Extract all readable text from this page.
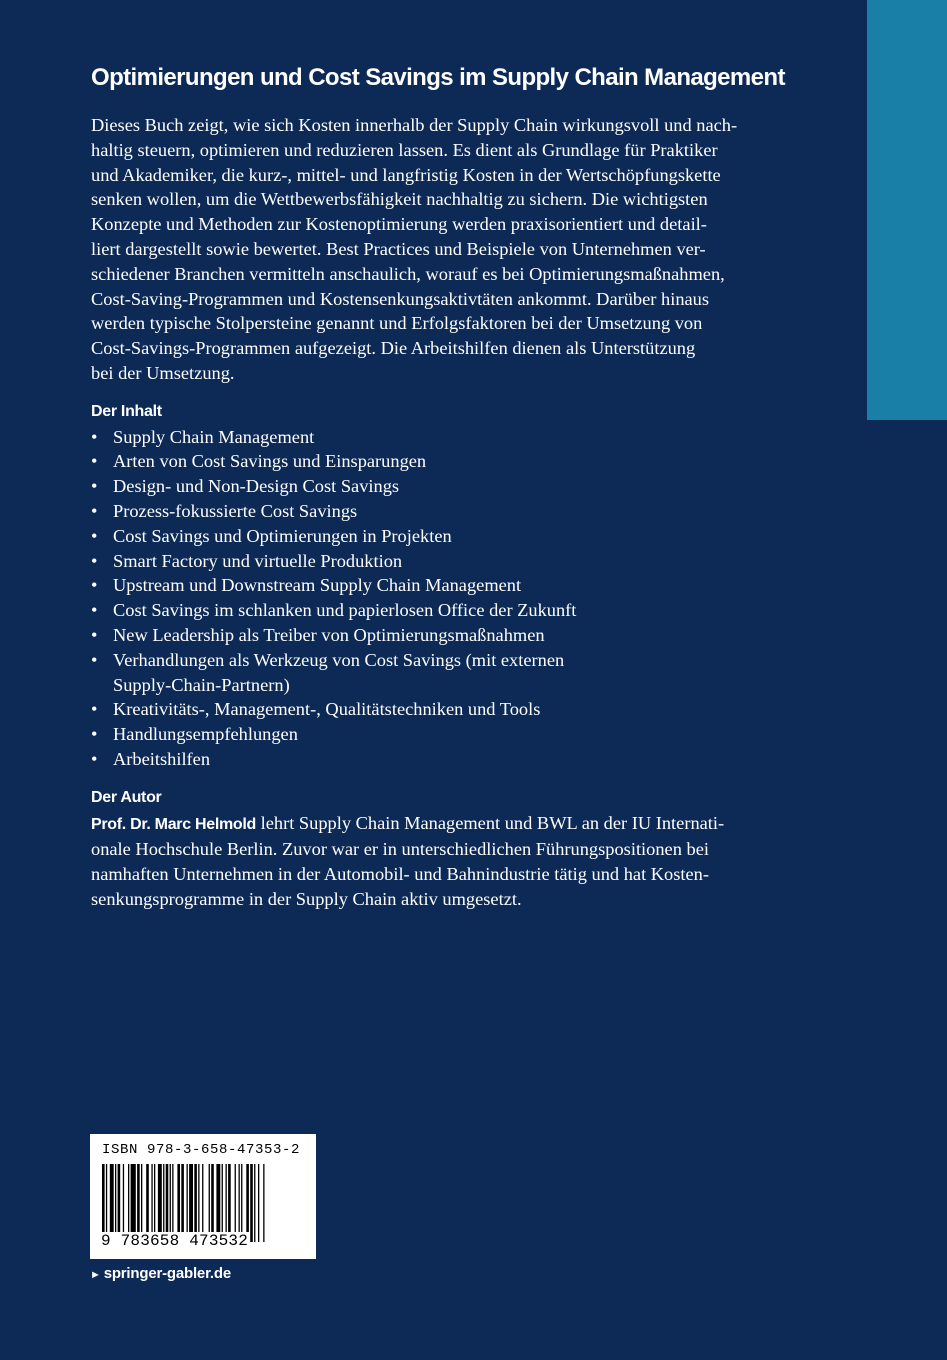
Optimierungen und Cost Savings im Supply Chain Management

Dieses Buch zeigt, wie sich Kosten innerhalb der Supply Chain wirkungsvoll und nach-
haltig steuern, optimieren und reduzieren lassen. Es dient als Grundlage für Praktiker
und Akademiker, die kurz-, mittel- und langfristig Kosten in der Wertschöpfungskette
senken wollen, um die Wettbewerbsfähigkeit nachhaltig zu sichern. Die wichtigsten
Konzepte und Methoden zur Kostenoptimierung werden praxisorientiert und detail-
liert dargestellt sowie bewertet. Best Practices und Beispiele von Unternehmen ver-
schiedener Branchen vermitteln anschaulich, worauf es bei Optimierungsmaßnahmen,
Cost-Saving-Programmen und Kostensenkungsaktivtäten ankommt. Darüber hinaus
werden typische Stolpersteine genannt und Erfolgsfaktoren bei der Umsetzung von
Cost-Savings-Programmen aufgezeigt. Die Arbeitshilfen dienen als Unterstützung
bei der Umsetzung.

Der Inhalt
• Supply Chain Management
• Arten von Cost Savings und Einsparungen
• Design- und Non-Design Cost Savings
• Prozess-fokussierte Cost Savings
• Cost Savings und Optimierungen in Projekten
• Smart Factory und virtuelle Produktion
• Upstream und Downstream Supply Chain Management
• Cost Savings im schlanken und papierlosen Office der Zukunft
• New Leadership als Treiber von Optimierungsmaßnahmen
• Verhandlungen als Werkzeug von Cost Savings (mit externen
Supply-Chain-Partnern)
• Kreativitäts-, Management-, Qualitätstechniken und Tools
• Handlungsempfehlungen
• Arbeitshilfen
Der Autor

Prof. Dr. Marc Helmold lehrt Supply Chain Management und BWL an der IU Internati-
onale Hochschule Berlin. Zuvor war er in unterschiedlichen Führungspositionen bei
namhaften Unternehmen in der Automobil- und Bahnindustrie tätig und hat Kosten-
senkungsprogramme in der Supply Chain aktiv umgesetzt.

ISBN 978-3-658-47353-2
9 783658 473532
► springer-gabler.de
